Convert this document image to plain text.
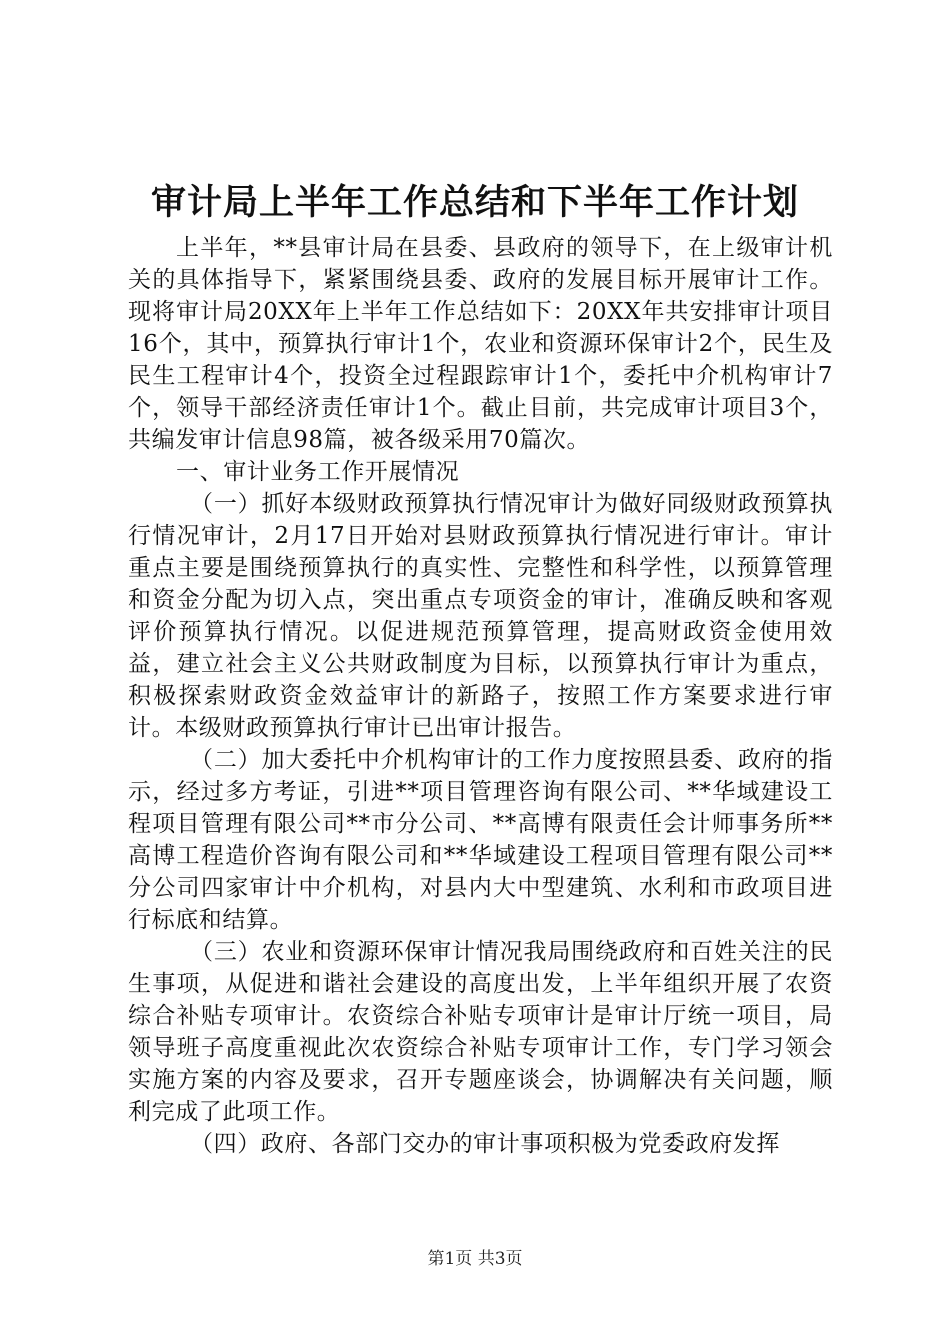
审计局上半年工作总结和下半年工作计划

上半年，**县审计局在县委、县政府的领导下，在上级审计机关的具体指导下，紧紧围绕县委、政府的发展目标开展审计工作。现将审计局20XX年上半年工作总结如下：20XX年共安排审计项目16个，其中，预算执行审计1个，农业和资源环保审计2个，民生及民生工程审计4个，投资全过程跟踪审计1个，委托中介机构审计7个，领导干部经济责任审计1个。截止目前，共完成审计项目3个，共编发审计信息98篇，被各级采用70篇次。

一、审计业务工作开展情况

（一）抓好本级财政预算执行情况审计为做好同级财政预算执行情况审计，2月17日开始对县财政预算执行情况进行审计。审计重点主要是围绕预算执行的真实性、完整性和科学性，以预算管理和资金分配为切入点，突出重点专项资金的审计，准确反映和客观评价预算执行情况。以促进规范预算管理，提高财政资金使用效益，建立社会主义公共财政制度为目标，以预算执行审计为重点，积极探索财政资金效益审计的新路子，按照工作方案要求进行审计。本级财政预算执行审计已出审计报告。

（二）加大委托中介机构审计的工作力度按照县委、政府的指示，经过多方考证，引进**项目管理咨询有限公司、**华域建设工程项目管理有限公司**市分公司、**高博有限责任会计师事务所**高博工程造价咨询有限公司和**华域建设工程项目管理有限公司**分公司四家审计中介机构，对县内大中型建筑、水利和市政项目进行标底和结算。

（三）农业和资源环保审计情况我局围绕政府和百姓关注的民生事项，从促进和谐社会建设的高度出发，上半年组织开展了农资综合补贴专项审计。农资综合补贴专项审计是审计厅统一项目，局领导班子高度重视此次农资综合补贴专项审计工作，专门学习领会实施方案的内容及要求，召开专题座谈会，协调解决有关问题，顺利完成了此项工作。

（四）政府、各部门交办的审计事项积极为党委政府发挥

第1页 共3页
